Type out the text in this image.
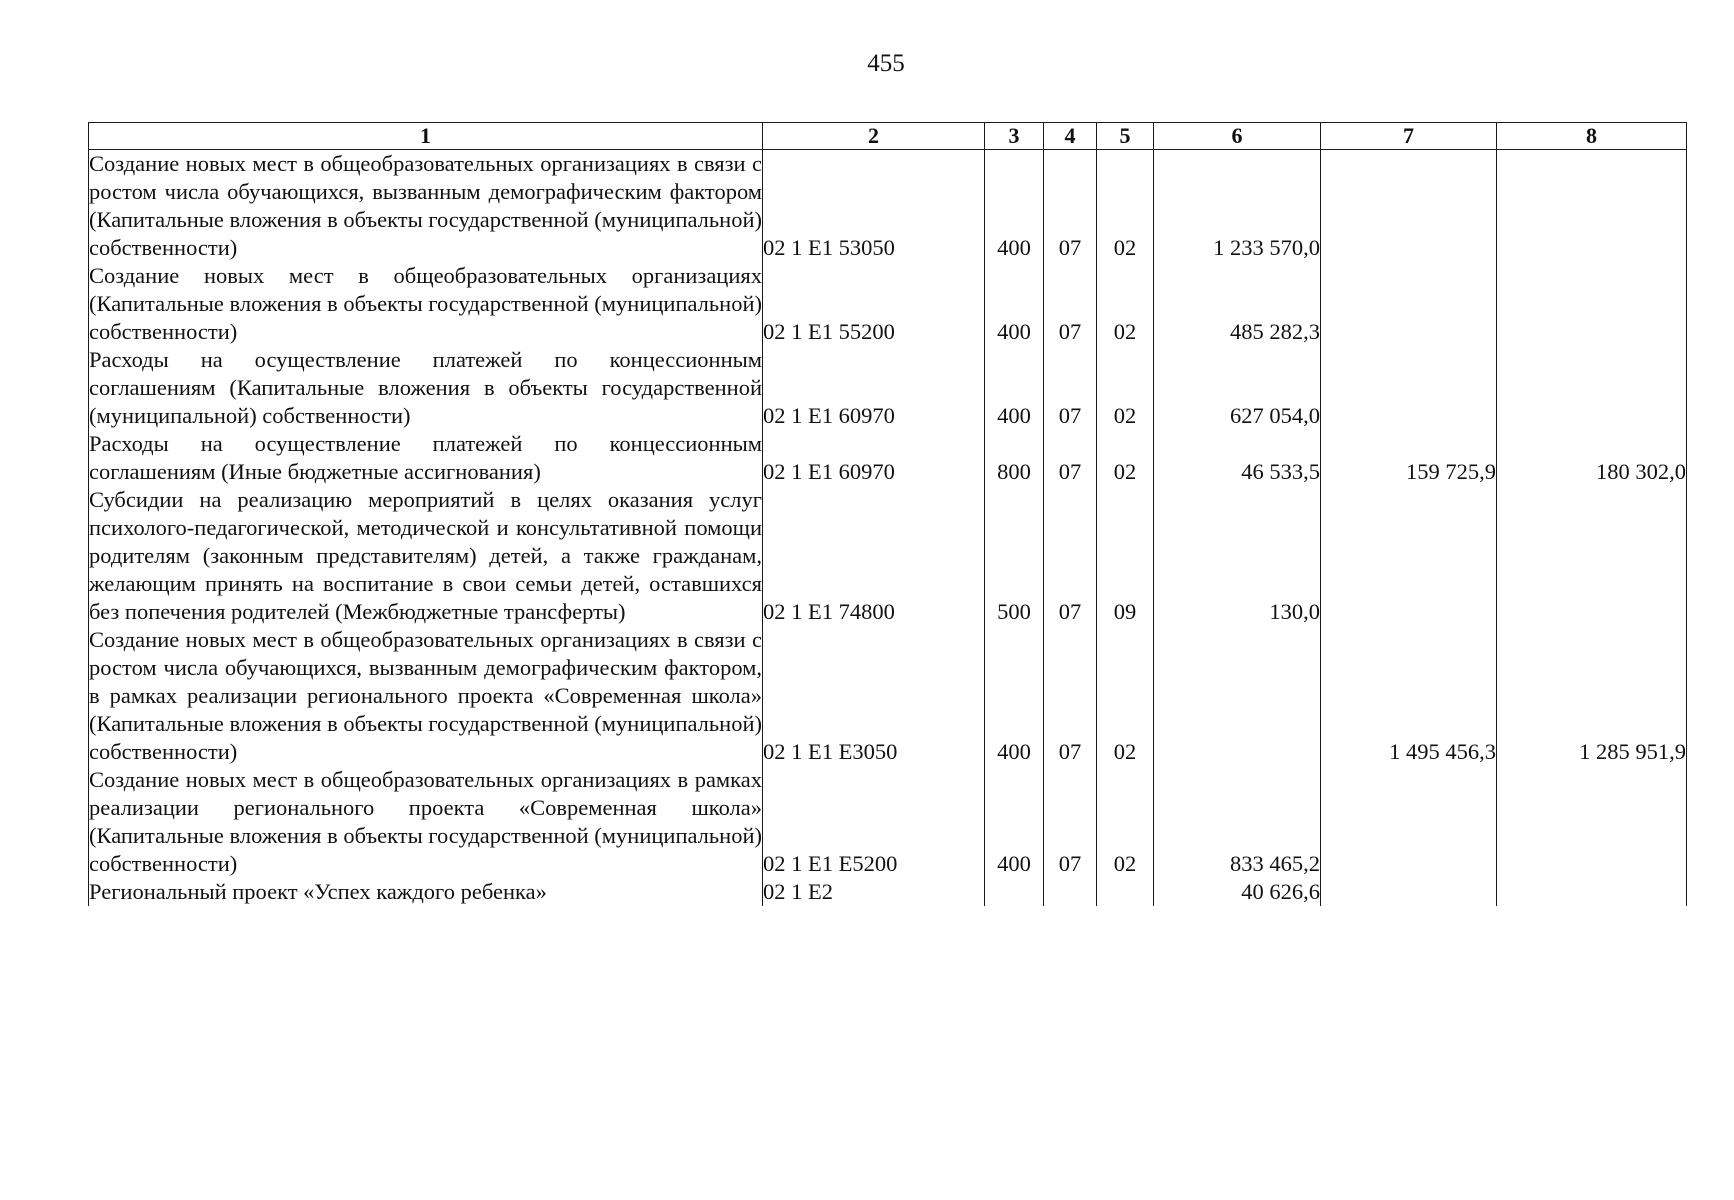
455
1	2	3	4	5	6	7	8
Создание новых мест в общеобразовательных организациях в связи с ростом числа обучающихся, вызванным демографическим фактором (Капитальные вложения в объекты государственной (муниципальной) собственности)	02 1 Е1 53050	400	07	02	1 233 570,0		
Создание новых мест в общеобразовательных организациях (Капитальные вложения в объекты государственной (муниципальной) собственности)	02 1 Е1 55200	400	07	02	485 282,3		
Расходы на осуществление платежей по концессионным соглашениям (Капитальные вложения в объекты государственной (муниципальной) собственности)	02 1 Е1 60970	400	07	02	627 054,0		
Расходы на осуществление платежей по концессионным соглашениям (Иные бюджетные ассигнования)	02 1 Е1 60970	800	07	02	46 533,5	159 725,9	180 302,0
Субсидии на реализацию мероприятий в целях оказания услуг психолого-педагогической, методической и консультативной помощи родителям (законным представителям) детей, а также гражданам, желающим принять на воспитание в свои семьи детей, оставшихся без попечения родителей (Межбюджетные трансферты)	02 1 Е1 74800	500	07	09	130,0		
Создание новых мест в общеобразовательных организациях в связи с ростом числа обучающихся, вызванным демографическим фактором, в рамках реализации регионального проекта «Современная школа» (Капитальные вложения в объекты государственной (муниципальной) собственности)	02 1 Е1 Е3050	400	07	02		1 495 456,3	1 285 951,9
Создание новых мест в общеобразовательных организациях в рамках реализации регионального проекта «Современная школа» (Капитальные вложения в объекты государственной (муниципальной) собственности)	02 1 Е1 Е5200	400	07	02	833 465,2		
Региональный проект «Успех каждого ребенка»	02 1 Е2				40 626,6		
